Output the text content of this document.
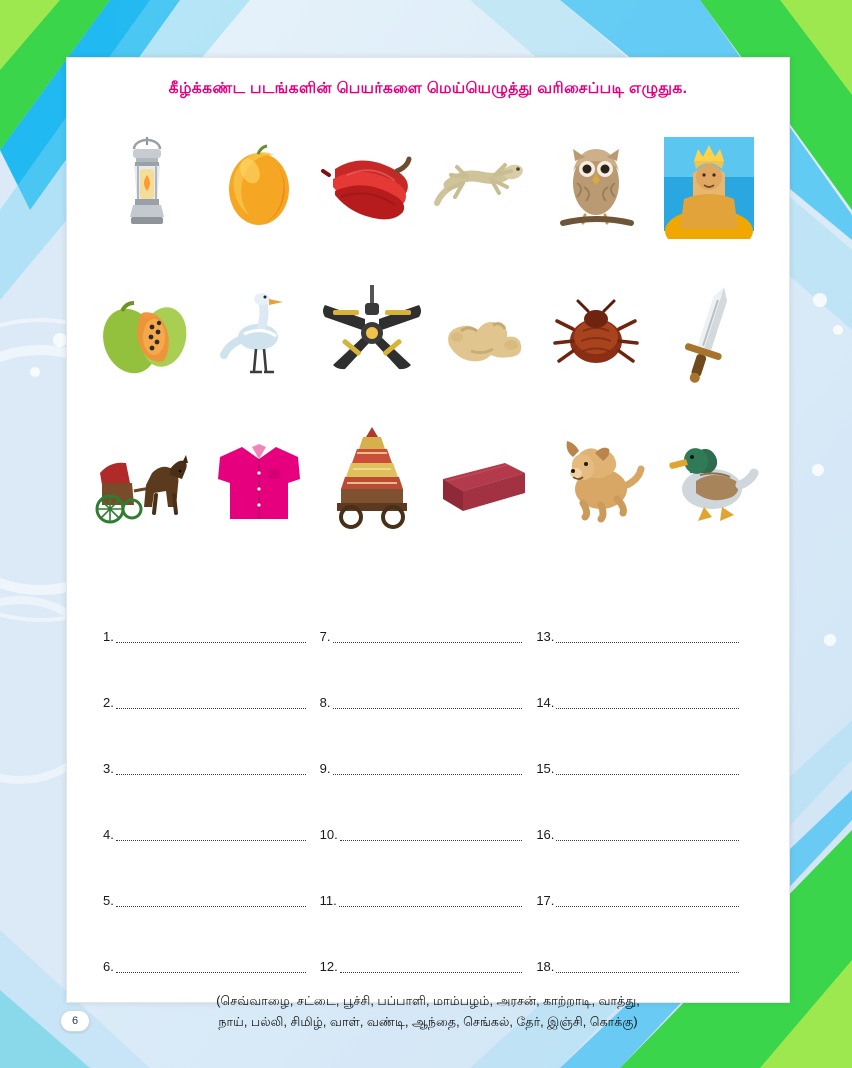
கீழ்க்கண்ட படங்களின் பெயர்களை மெய்யெழுத்து வரிசைப்படி எழுதுக.
1.	7.	13.
2.	8.	14.
3.	9.	15.
4.	10.	16.
5.	11.	17.
6.	12.	18.
(செவ்வாழை, சட்டை, பூச்சி, பப்பாளி, மாம்பழம், அரசன், காற்றாடி, வாத்து,
நாய், பல்லி, சிமிழ், வாள், வண்டி, ஆந்தை, செங்கல், தேர், இஞ்சி, கொக்கு)
6
